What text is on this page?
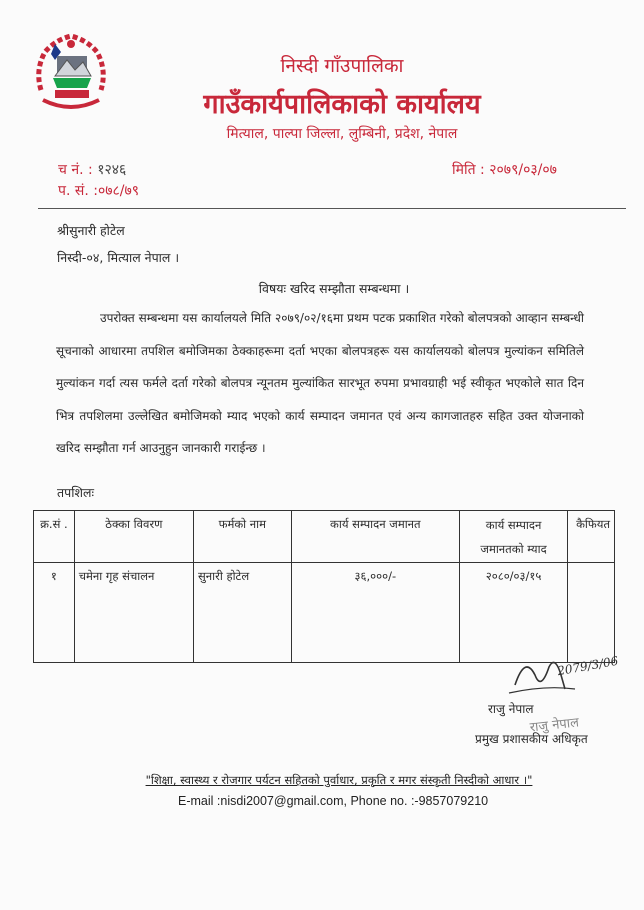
निस्दी गाँउपालिका
गाउँकार्यपालिकाको कार्यालय
मित्याल, पाल्पा जिल्ला, लुम्बिनी, प्रदेश, नेपाल
च नं. : १२४६
प. सं. :०७८/७९
मिति : २०७९/०३/०७
श्रीसुनारी होटेल
निस्दी-०४, मित्याल नेपाल ।
विषयः खरिद सम्झौता सम्बन्धमा ।
उपरोक्त सम्बन्धमा यस कार्यालयले मिति २०७९/०२/१६मा प्रथम पटक प्रकाशित गरेको बोलपत्रको आव्हान सम्बन्धी सूचनाको आधारमा तपशिल बमोजिमका ठेक्काहरूमा दर्ता भएका बोलपत्रहरू यस कार्यालयको बोलपत्र मुल्यांकन समितिले मुल्यांकन गर्दा त्यस फर्मले दर्ता गरेको बोलपत्र न्यूनतम मुल्यांकित सारभूत रुपमा प्रभावग्राही भई स्वीकृत भएकोले सात दिन भित्र तपशिलमा उल्लेखित बमोजिमको म्याद भएको कार्य सम्पादन जमानत एवं अन्य कागजातहरु सहित उक्त योजनाको खरिद सम्झौता गर्न आउनुहुन जानकारी गराईन्छ ।
तपशिलः
क्र.सं .	ठेक्का विवरण	फर्मको नाम	कार्य सम्पादन जमानत	कार्य सम्पादन
जमानतको म्याद	कैफियत
१	चमेना गृह संचालन	सुनारी होटेल	३६,०००/-	२०८०/०३/१५	
2079/3/06
राजु नेपाल
राजु नेपाल
प्रमुख प्रशासकीय अधिकृत
"शिक्षा, स्वास्थ्य र रोजगार पर्यटन सहितको पुर्वाधार, प्रकृति र मगर संस्कृती निस्दीको आधार ।"
E-mail :nisdi2007@gmail.com, Phone no. :-9857079210
